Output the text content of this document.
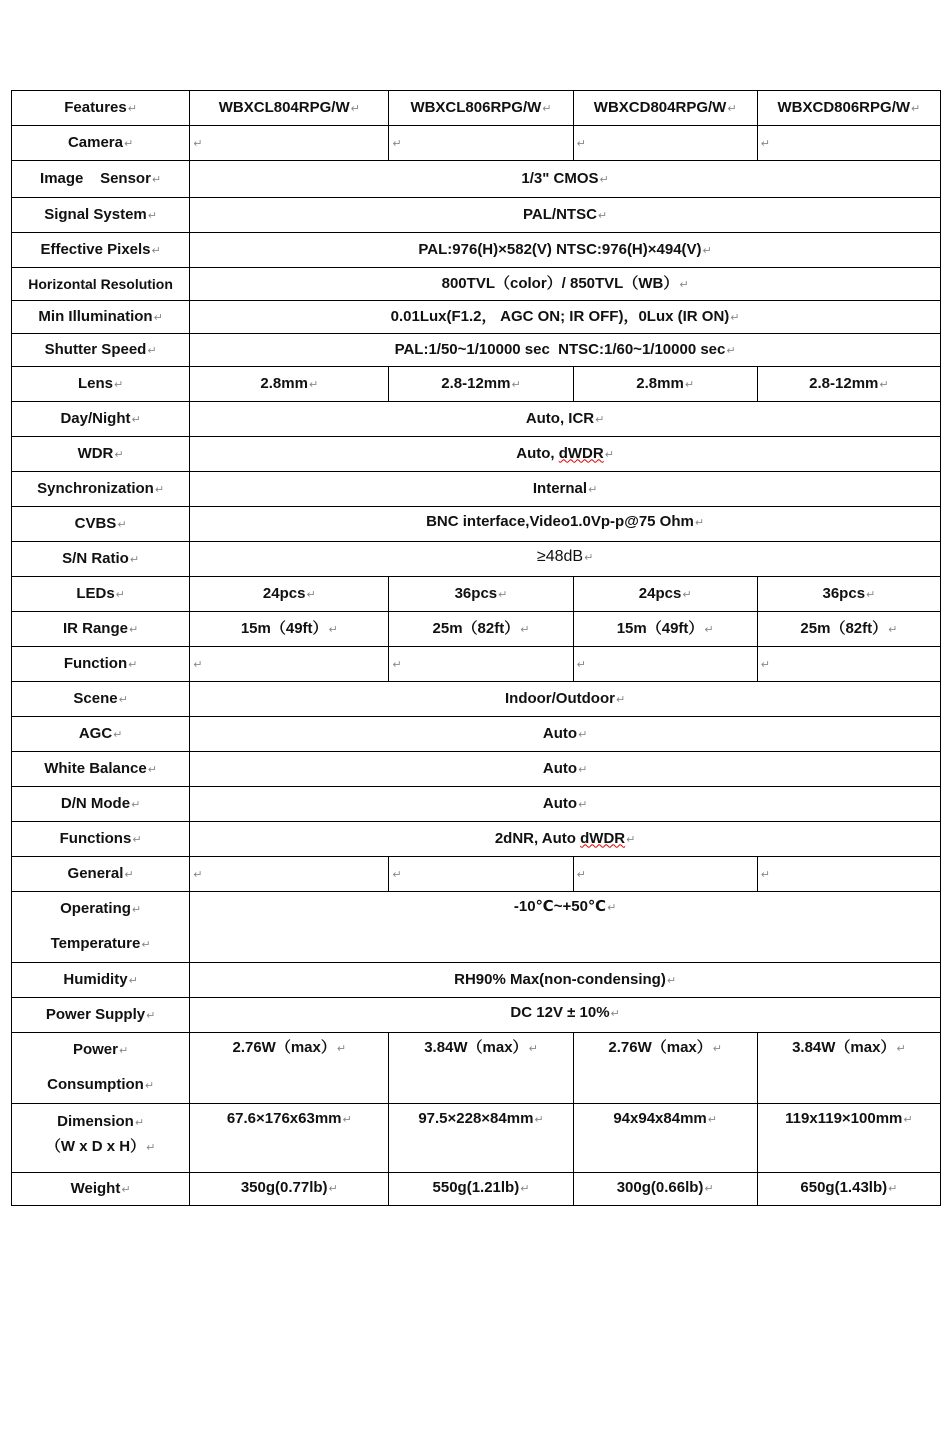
Features↵	WBXCL804RPG/W↵	WBXCL806RPG/W↵	WBXCD804RPG/W↵	WBXCD806RPG/W↵
Camera↵	↵	↵	↵	↵
Image    Sensor↵	1/3" CMOS↵			
Signal System↵	PAL/NTSC↵			
Effective Pixels↵	PAL:976(H)×582(V) NTSC:976(H)×494(V)↵			
Horizontal Resolution	800TVL（color）/ 850TVL（WB）↵			
Min Illumination↵	0.01Lux(F1.2， AGC ON; IR OFF)，0Lux (IR ON)↵			
Shutter Speed↵	PAL:1/50~1/10000 sec  NTSC:1/60~1/10000 sec↵			
Lens↵	2.8mm↵	2.8-12mm↵	2.8mm↵	2.8-12mm↵
Day/Night↵	Auto, ICR↵			
WDR↵	Auto, dWDR↵			
Synchronization↵	Internal↵			
CVBS↵	BNC interface,Video1.0Vp-p@75 Ohm↵			
S/N Ratio↵	≥48dB↵			
LEDs↵	24pcs↵	36pcs↵	24pcs↵	36pcs↵
IR Range↵	15m（49ft）↵	25m（82ft）↵	15m（49ft）↵	25m（82ft）↵
Function↵	↵	↵	↵	↵
Scene↵	Indoor/Outdoor↵			
AGC↵	Auto↵			
White Balance↵	Auto↵			
D/N Mode↵	Auto↵			
Functions↵	2dNR, Auto dWDR↵			
General↵	↵	↵	↵	↵

Operating↵
Temperature↵	-10℃~+50℃↵			
Humidity↵	RH90% Max(non-condensing)↵			
Power Supply↵	DC 12V ± 10%↵			

Power↵
Consumption↵	2.76W（max）↵	3.84W（max）↵	2.76W（max）↵	3.84W（max）↵

Dimension↵
（W x D x H）↵	67.6×176x63mm↵	97.5×228×84mm↵	94x94x84mm↵	119x119×100mm↵
Weight↵	350g(0.77lb)↵	550g(1.21lb)↵	300g(0.66lb)↵	650g(1.43lb)↵
